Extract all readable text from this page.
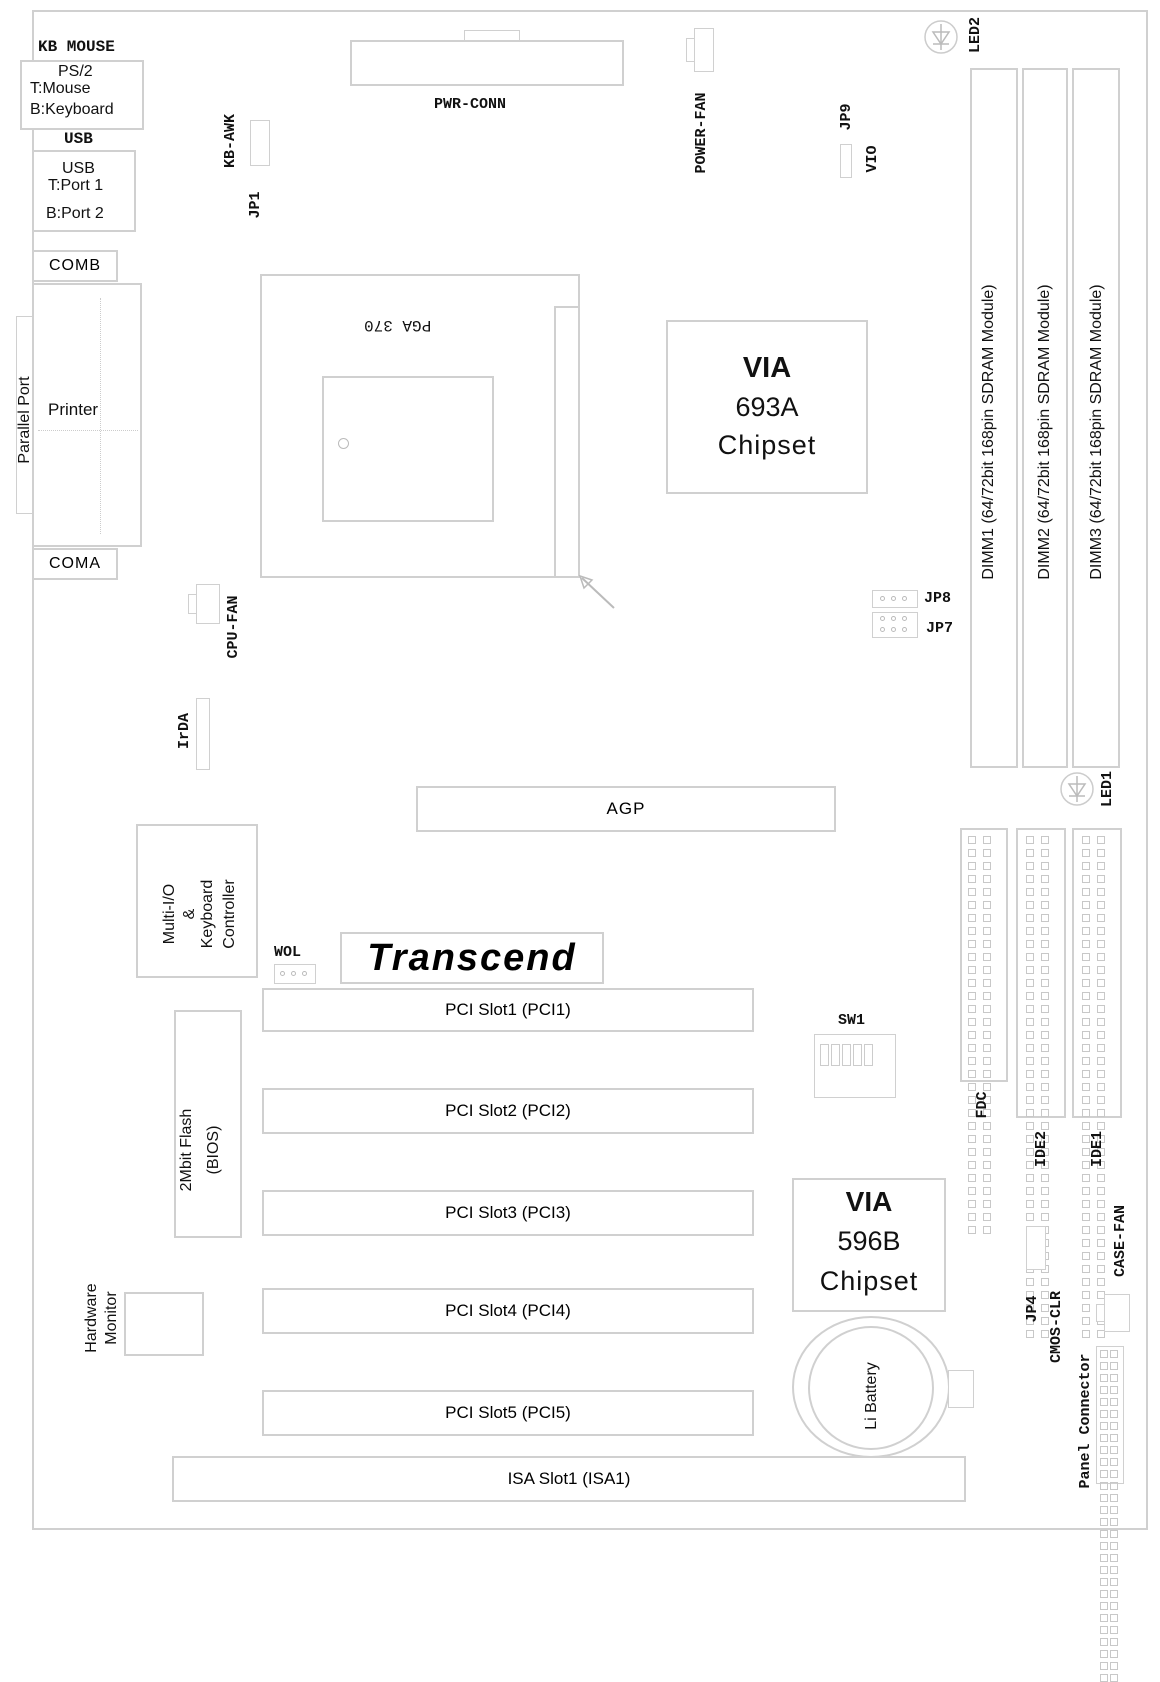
KB MOUSE
PS/2
T:Mouse
B:Keyboard
USB
USB
T:Port 1
B:Port 2
COMB
Printer
Parallel Port
COMA
PWR-CONN	POWER-FAN
KB-AWK
JP1
JP9
VIO
LED2
DIMM1 (64/72bit 168pin SDRAM Module) DIMM2 (64/72bit 168pin SDRAM Module) DIMM3 (64/72bit 168pin SDRAM Module)
PGA 370
VIA
693A
Chipset
JP8
JP7
CPU-FAN
IrDA
AGP
LED1
Multi-I/O & Keyboard Controller
WOL Transcend
PCI Slot1 (PCI1)
PCI Slot2 (PCI2)
PCI Slot3 (PCI3)
PCI Slot4 (PCI4)
PCI Slot5 (PCI5)
ISA Slot1 (ISA1)
2Mbit Flash (BIOS)
Hardware Monitor
SW1
VIA
596B
Chipset
Li Battery
FDC
IDE2	IDE1
JP4 CMOS-CLR
CASE-FAN
Panel Connector
